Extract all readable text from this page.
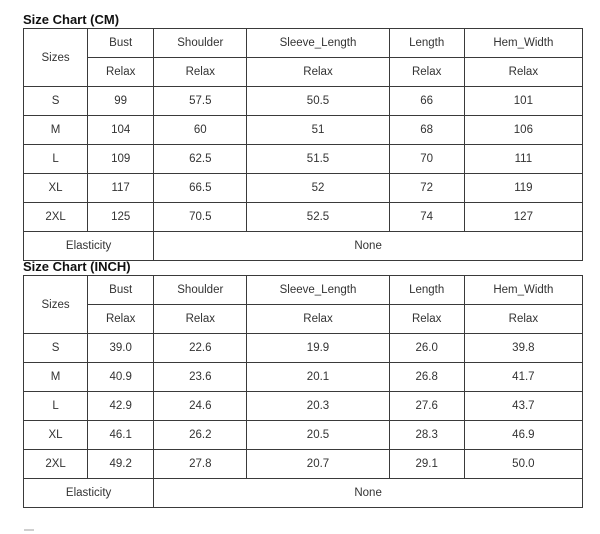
Size Chart (CM)
Sizes	Bust	Shoulder	Sleeve_Length	Length	Hem_Width
	Relax	Relax	Relax	Relax	Relax
S	99	57.5	50.5	66	101
M	104	60	51	68	106
L	109	62.5	51.5	70	111
XL	117	66.5	52	72	119
2XL	125	70.5	52.5	74	127
Elasticity		None			
Size Chart (INCH)
Sizes	Bust	Shoulder	Sleeve_Length	Length	Hem_Width
	Relax	Relax	Relax	Relax	Relax
S	39.0	22.6	19.9	26.0	39.8
M	40.9	23.6	20.1	26.8	41.7
L	42.9	24.6	20.3	27.6	43.7
XL	46.1	26.2	20.5	28.3	46.9
2XL	49.2	27.8	20.7	29.1	50.0
Elasticity		None			
